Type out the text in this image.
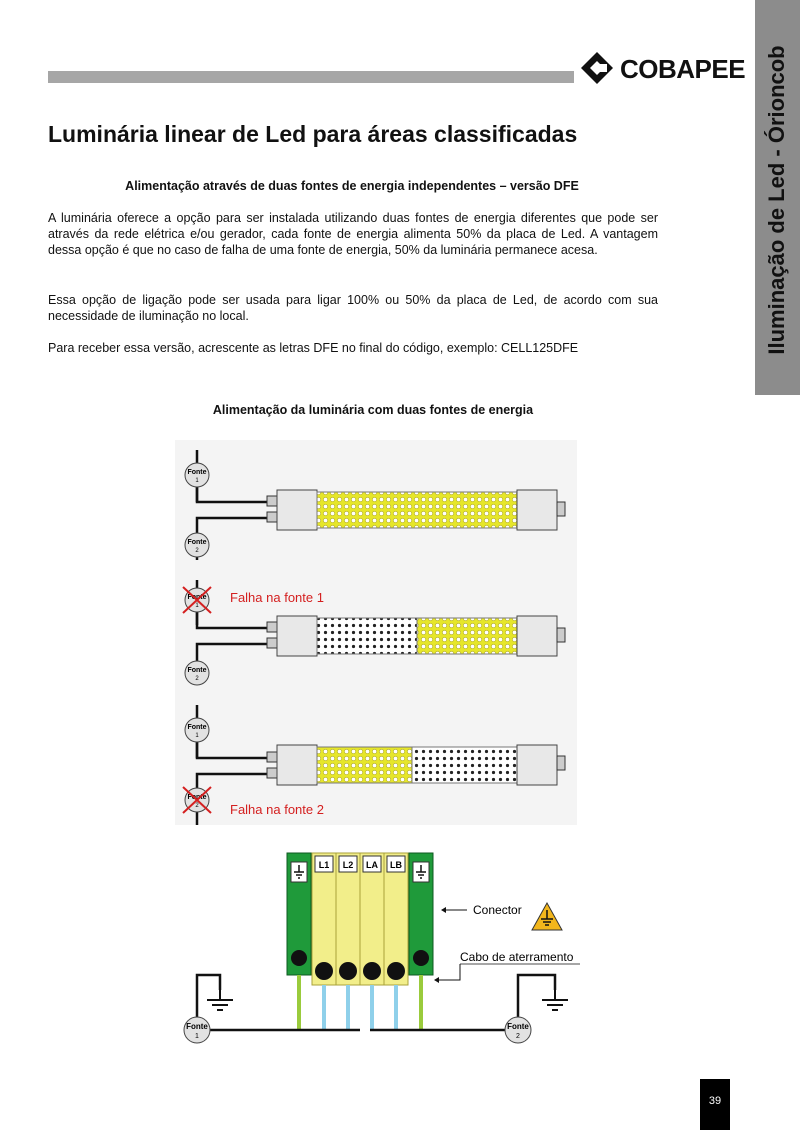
COBAPEE Iluminação de Led - Órioncob
Luminária linear de Led para áreas classificadas
Alimentação através de duas fontes de energia independentes – versão DFE

A luminária oferece a opção para ser instalada utilizando duas fontes de energia diferentes que pode ser através da rede elétrica e/ou gerador, cada fonte de energia alimenta 50% da placa de Led. A vantagem dessa opção é que no caso de falha de uma fonte de energia, 50% da luminária permanece acesa.

Essa opção de ligação pode ser usada para ligar 100% ou 50% da placa de Led, de acordo com sua necessidade de iluminação no local.

Para receber essa versão, acrescente as letras DFE no final do código, exemplo: CELL125DFE

Alimentação da luminária com duas fontes de energia
Fonte
1
Fonte
2
Fonte
1
Falha na fonte 1
Fonte
2
Fonte
1
Fonte
2 Falha na fonte 2
L1 L2 LA LB
Fonte
1
Fonte
2
Conector
Cabo de aterramento
39
